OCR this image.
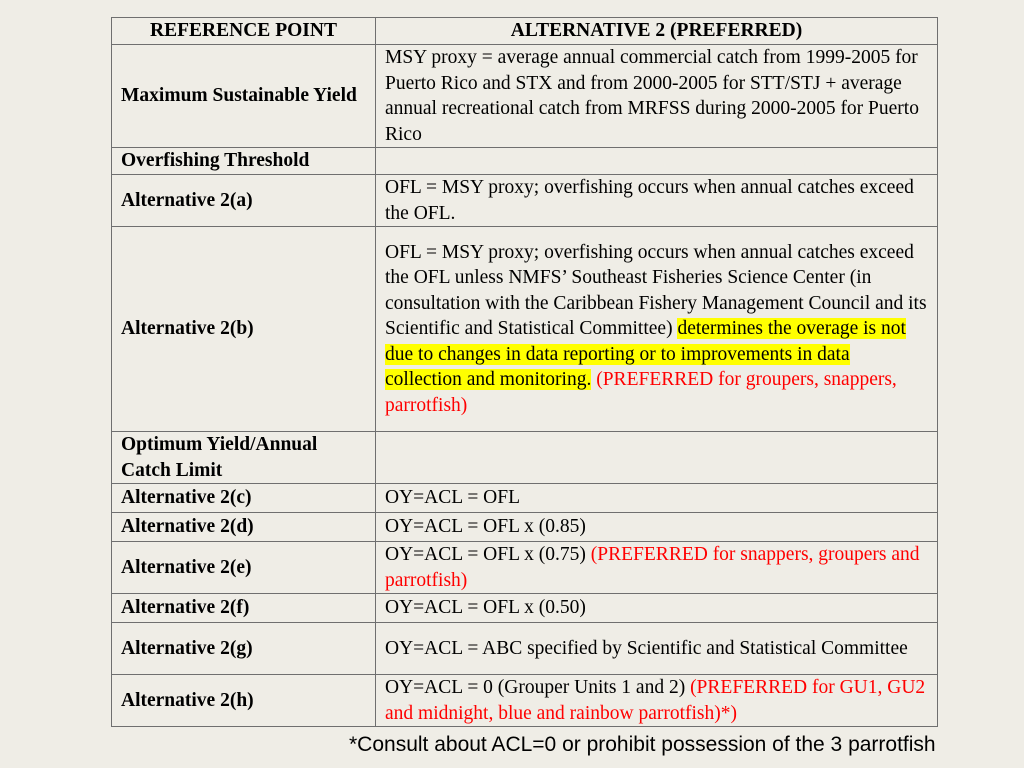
REFERENCE POINT	ALTERNATIVE 2 (PREFERRED)
Maximum Sustainable Yield	MSY proxy = average annual commercial catch from 1999-2005 for Puerto Rico and STX and from 2000-2005 for STT/STJ + average annual recreational catch from MRFSS during 2000-2005 for Puerto Rico
Overfishing Threshold	
Alternative 2(a)	OFL = MSY proxy; overfishing occurs when annual catches exceed the OFL.
Alternative 2(b)	OFL = MSY proxy; overfishing occurs when annual catches exceed the OFL unless NMFS’ Southeast Fisheries Science Center (in consultation with the Caribbean Fishery Management Council and its Scientific and Statistical Committee) determines the overage is not due to changes in data reporting or to improvements in data collection and monitoring. (PREFERRED for groupers, snappers, parrotfish)
Optimum Yield/Annual Catch Limit	
Alternative 2(c)	OY=ACL = OFL
Alternative 2(d)	OY=ACL = OFL x (0.85)
Alternative 2(e)	OY=ACL = OFL x (0.75) (PREFERRED for snappers, groupers and parrotfish)
Alternative 2(f)	OY=ACL = OFL x (0.50)
Alternative 2(g)	OY=ACL = ABC specified by Scientific and Statistical Committee
Alternative 2(h)	OY=ACL = 0 (Grouper Units 1 and 2) (PREFERRED for GU1, GU2 and midnight, blue and rainbow parrotfish)*)
*Consult about ACL=0 or prohibit possession of the 3 parrotfish
